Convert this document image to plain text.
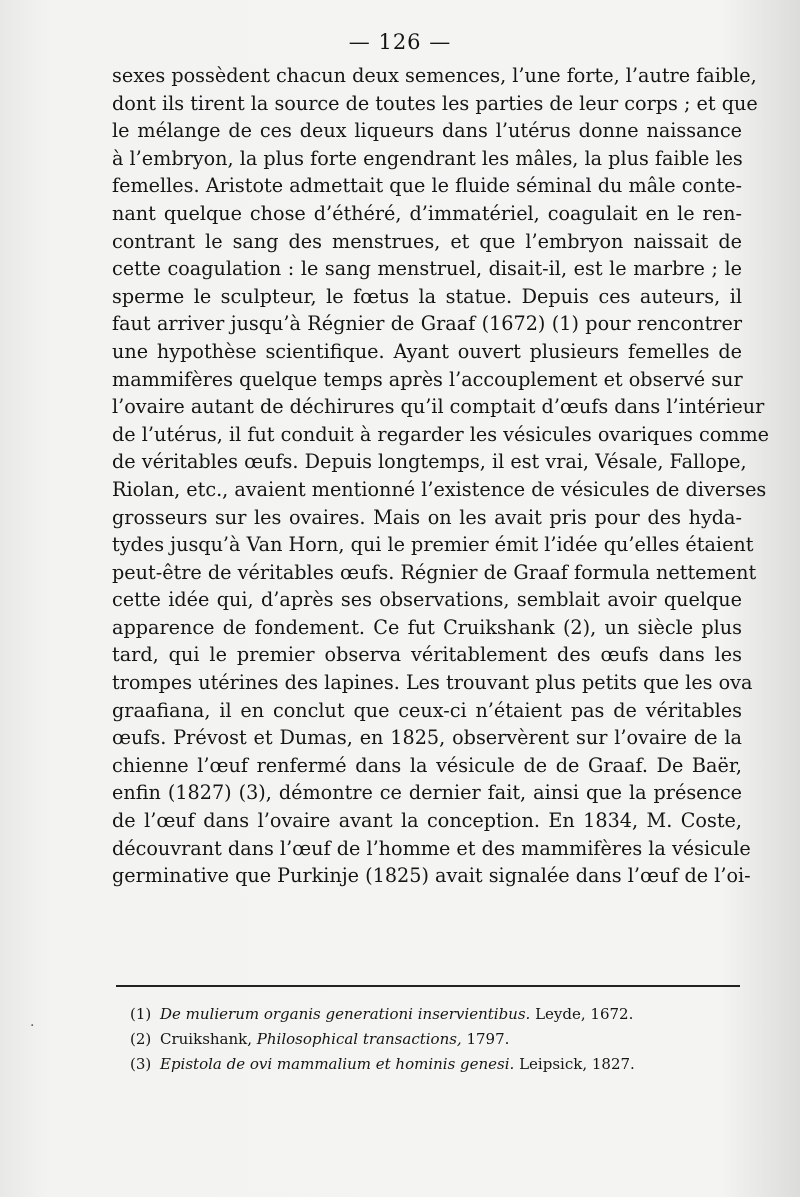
— 126 —
sexes possèdent chacun deux semences, l’une forte, l’autre faible,
dont ils tirent la source de toutes les parties de leur corps ; et que
le mélange de ces deux liqueurs dans l’utérus donne naissance
à l’embryon, la plus forte engendrant les mâles, la plus faible les
femelles. Aristote admettait que le fluide séminal du mâle conte-
nant quelque chose d’éthéré, d’immatériel, coagulait en le ren-
contrant le sang des menstrues, et que l’embryon naissait de
cette coagulation : le sang menstruel, disait-il, est le marbre ; le
sperme le sculpteur, le fœtus la statue. Depuis ces auteurs, il
faut arriver jusqu’à Régnier de Graaf (1672) (1) pour rencontrer
une hypothèse scientifique. Ayant ouvert plusieurs femelles de
mammifères quelque temps après l’accouplement et observé sur
l’ovaire autant de déchirures qu’il comptait d’œufs dans l’intérieur
de l’utérus, il fut conduit à regarder les vésicules ovariques comme
de véritables œufs. Depuis longtemps, il est vrai, Vésale, Fallope,
Riolan, etc., avaient mentionné l’existence de vésicules de diverses
grosseurs sur les ovaires. Mais on les avait pris pour des hyda-
tydes jusqu’à Van Horn, qui le premier émit l’idée qu’elles étaient
peut-être de véritables œufs. Régnier de Graaf formula nettement
cette idée qui, d’après ses observations, semblait avoir quelque
apparence de fondement. Ce fut Cruikshank (2), un siècle plus
tard, qui le premier observa véritablement des œufs dans les
trompes utérines des lapines. Les trouvant plus petits que les ova
graafiana, il en conclut que ceux-ci n’étaient pas de véritables
œufs. Prévost et Dumas, en 1825, observèrent sur l’ovaire de la
chienne l’œuf renfermé dans la vésicule de de Graaf. De Baër,
enfin (1827) (3), démontre ce dernier fait, ainsi que la présence
de l’œuf dans l’ovaire avant la conception. En 1834, M. Coste,
découvrant dans l’œuf de l’homme et des mammifères la vésicule
germinative que Purkinje (1825) avait signalée dans l’œuf de l’oi-
(1) De mulierum organis generationi inservientibus. Leyde, 1672.
(2) Cruikshank, Philosophical transactions, 1797.
(3) Epistola de ovi mammalium et hominis genesi. Leipsick, 1827.
·
